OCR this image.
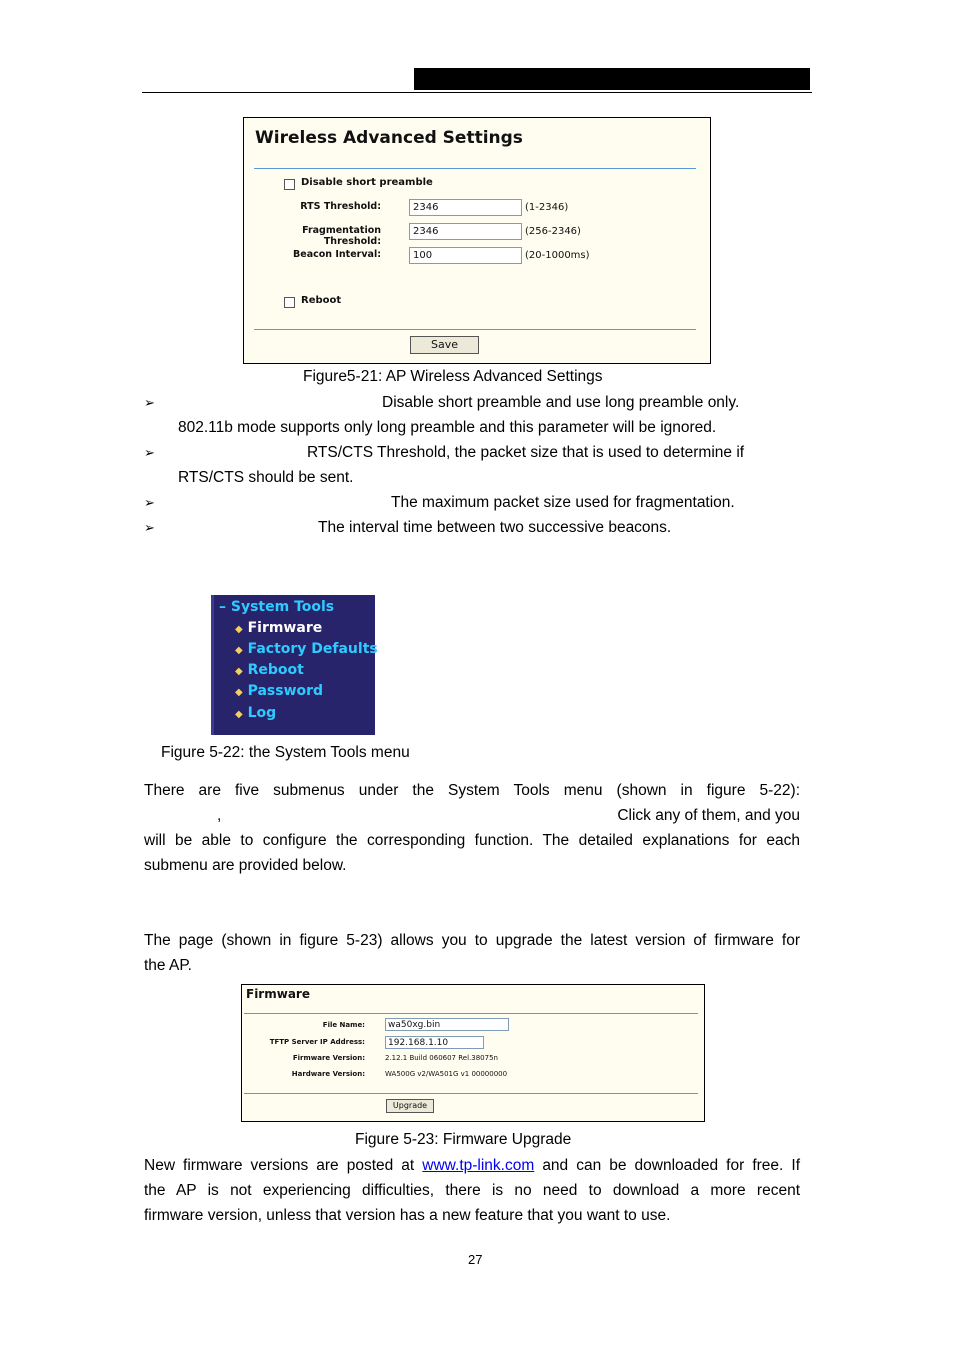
Wireless Advanced Settings
Disable short preamble
RTS Threshold:
2346	(1-2346)
Fragmentation Threshold:
2346
(256-2346)
Beacon Interval:
100	(20-1000ms)
Reboot
Save
Figure5-21: AP Wireless Advanced Settings
➢	Disable short preamble and use long preamble only.
802.11b mode supports only long preamble and this parameter will be ignored.
➢	RTS/CTS Threshold, the packet size that is used to determine if
RTS/CTS should be sent.
➢	The maximum packet size used for fragmentation.
➢	The interval time between two successive beacons.
– System Tools
◆ Firmware
◆ Factory Defaults
◆ Reboot
◆ Password
◆ Log
Figure 5-22: the System Tools menu
There are five submenus under the System Tools menu (shown in figure 5-22):
,	Click any of them, and you
will be able to configure the corresponding function. The detailed explanations for each
submenu are provided below.
The page (shown in figure 5-23) allows you to upgrade the latest version of firmware for
the AP.
Firmware
File Name:
wa50xg.bin
TFTP Server IP Address:
192.168.1.10
Firmware Version:	2.12.1 Build 060607 Rel.38075n
Hardware Version:	WA500G v2/WA501G v1 00000000
Upgrade
Figure 5-23: Firmware Upgrade
New firmware versions are posted at www.tp-link.com and can be downloaded for free. If
the AP is not experiencing difficulties, there is no need to download a more recent
firmware version, unless that version has a new feature that you want to use.
27
